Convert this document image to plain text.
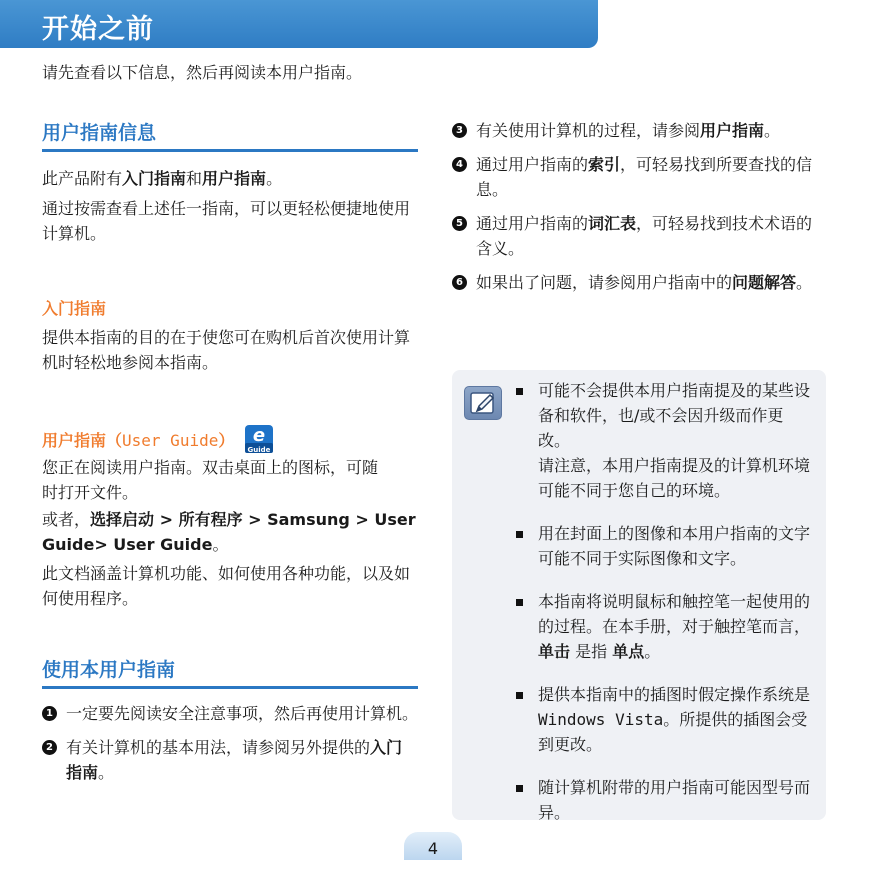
开始之前
请先查看以下信息，然后再阅读本用户指南。
用户指南信息

此产品附有入门指南和用户指南。

通过按需查看上述任一指南，可以更轻松便捷地使用计算机。

入门指南

提供本指南的目的在于使您可在购机后首次使用计算机时轻松地参阅本指南。

用户指南（User Guide） e
Guide

您正在阅读用户指南。双击桌面上的图标，可随时打开文件。

或者，选择启动 > 所有程序 > Samsung > User Guide> User Guide。

此文档涵盖计算机功能、如何使用各种功能，以及如何使用程序。

使用本用户指南
1 一定要先阅读安全注意事项，然后再使用计算机。
2 有关计算机的基本用法，请参阅另外提供的入门指南。
3 有关使用计算机的过程，请参阅用户指南。
4 通过用户指南的索引，可轻易找到所要查找的信息。
5 通过用户指南的词汇表，可轻易找到技术术语的含义。
6 如果出了问题，请参阅用户指南中的问题解答。
可能不会提供本用户指南提及的某些设备和软件，也/或不会因升级而作更改。
请注意，本用户指南提及的计算机环境可能不同于您自己的环境。
用在封面上的图像和本用户指南的文字可能不同于实际图像和文字。
本指南将说明鼠标和触控笔一起使用的的过程。在本手册，对于触控笔而言，单击 是指 单点。
提供本指南中的插图时假定操作系统是 Windows Vista。所提供的插图会受到更改。
随计算机附带的用户指南可能因型号而异。
4
